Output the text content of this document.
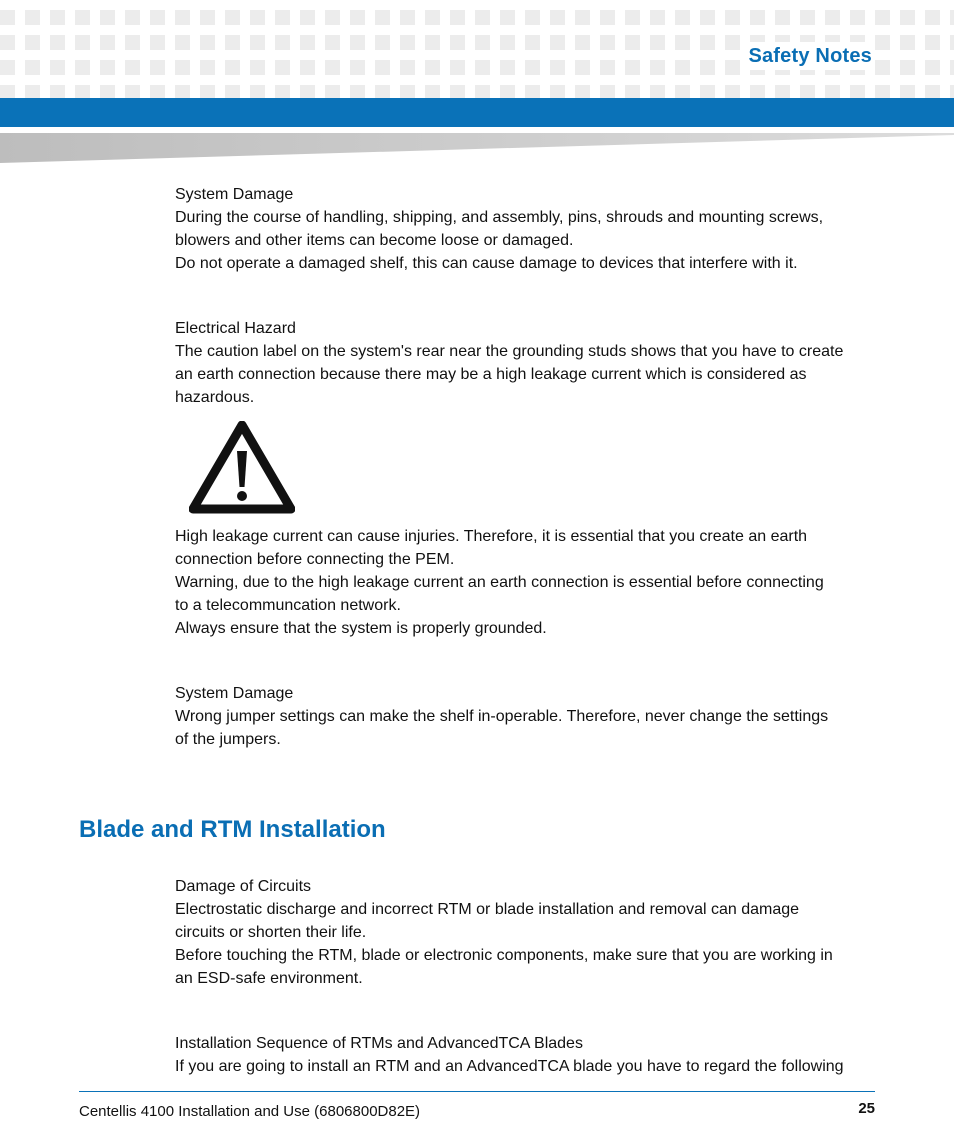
Safety Notes

System Damage

During the course of handling, shipping, and assembly, pins, shrouds and mounting screws,

blowers and other items can become loose or damaged.

Do not operate a damaged shelf, this can cause damage to devices that interfere with it.

Electrical Hazard

The caution label on the system's rear near the grounding studs shows that you have to create

an earth connection because there may be a high leakage current which is considered as

hazardous.

High leakage current can cause injuries. Therefore, it is essential that you create an earth

connection before connecting the PEM.

Warning, due to the high leakage current an earth connection is essential before connecting

to a telecommuncation network.

Always ensure that the system is properly grounded.

System Damage

Wrong jumper settings can make the shelf in-operable. Therefore, never change the settings

of the jumpers.

Blade and RTM Installation

Damage of Circuits

Electrostatic discharge and incorrect RTM or blade installation and removal can damage

circuits or shorten their life.

Before touching the RTM, blade or electronic components, make sure that you are working in

an ESD-safe environment.

Installation Sequence of RTMs and AdvancedTCA Blades

If you are going to install an RTM and an AdvancedTCA blade you have to regard the following

Centellis 4100 Installation and Use (6806800D82E)	25
